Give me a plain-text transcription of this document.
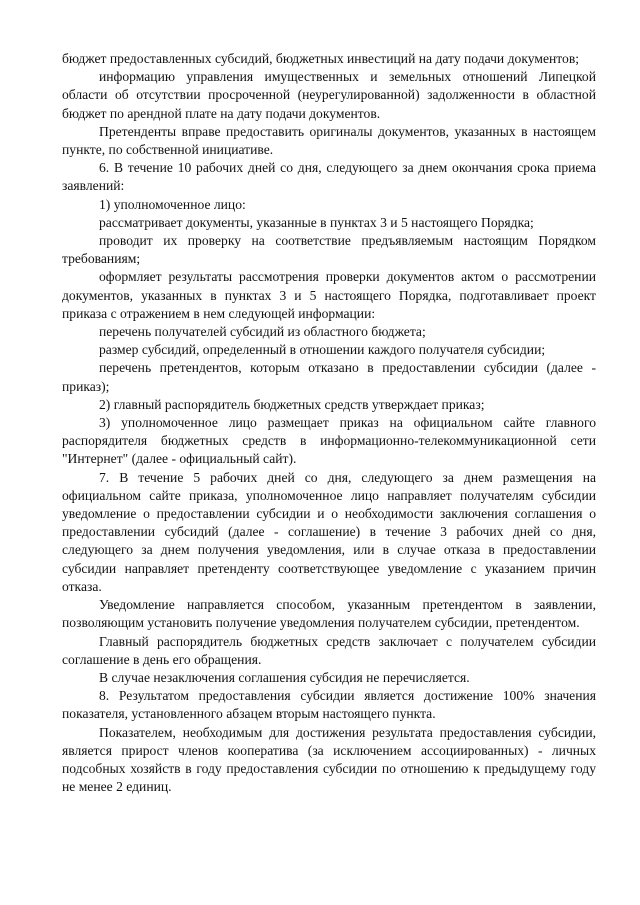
бюджет предоставленных субсидий, бюджетных инвестиций на дату подачи документов;

информацию управления имущественных и земельных отношений Липецкой области об отсутствии просроченной (неурегулированной) задолженности в областной бюджет по арендной плате на дату подачи документов.

Претенденты вправе предоставить оригиналы документов, указанных в настоящем пункте, по собственной инициативе.

6. В течение 10 рабочих дней со дня, следующего за днем окончания срока приема заявлений:

1) уполномоченное лицо:

рассматривает документы, указанные в пунктах 3 и 5 настоящего Порядка;

проводит их проверку на соответствие предъявляемым настоящим Порядком требованиям;

оформляет результаты рассмотрения проверки документов актом о рассмотрении документов, указанных в пунктах 3 и 5 настоящего Порядка, подготавливает проект приказа с отражением в нем следующей информации:

перечень получателей субсидий из областного бюджета;

размер субсидий, определенный в отношении каждого получателя субсидии;

перечень претендентов, которым отказано в предоставлении субсидии (далее - приказ);

2) главный распорядитель бюджетных средств утверждает приказ;

3) уполномоченное лицо размещает приказ на официальном сайте главного распорядителя бюджетных средств в информационно-телекоммуникационной сети "Интернет" (далее - официальный сайт).

7. В течение 5 рабочих дней со дня, следующего за днем размещения на официальном сайте приказа, уполномоченное лицо направляет получателям субсидии уведомление о предоставлении субсидии и о необходимости заключения соглашения о предоставлении субсидий (далее - соглашение) в течение 3 рабочих дней со дня, следующего за днем получения уведомления, или в случае отказа в предоставлении субсидии направляет претенденту соответствующее уведомление с указанием причин отказа.

Уведомление направляется способом, указанным претендентом в заявлении, позволяющим установить получение уведомления получателем субсидии, претендентом.

Главный распорядитель бюджетных средств заключает с получателем субсидии соглашение в день его обращения.

В случае незаключения соглашения субсидия не перечисляется.

8. Результатом предоставления субсидии является достижение 100% значения показателя, установленного абзацем вторым настоящего пункта.

Показателем, необходимым для достижения результата предоставления субсидии, является прирост членов кооператива (за исключением ассоциированных) - личных подсобных хозяйств в году предоставления субсидии по отношению к предыдущему году не менее 2 единиц.
